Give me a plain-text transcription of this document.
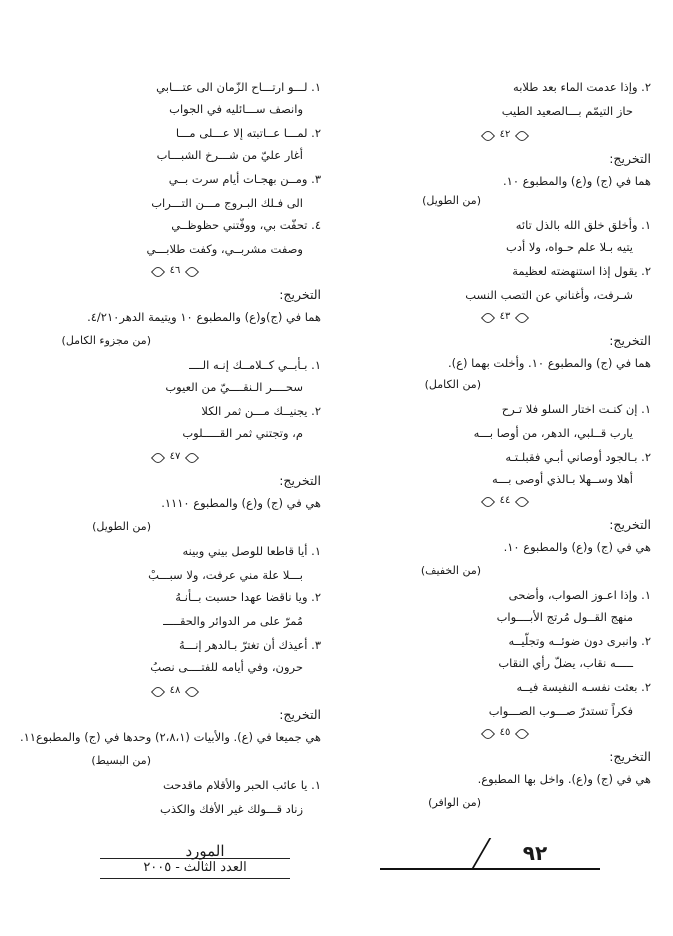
٢. وإذا عدمت الماء بعد طلابه
حاز التيمّم بـــالصعيد الطيب
٤٢
التخريج:
هما في (ج) و(ع) والمطبوع ١٠.
(من الطويل)
١. وأخلق خلق الله بالذل تائه
يتيه بـلا علم حـواه، ولا أدب
٢. يقول إذا استنهضته لعظيمة
شـرفت، وأغناني عن التصب النسب
٤٣
التخريج:
هما في (ج) والمطبوع ١٠. وأخلت بهما (ع).
(من الكامل)
١. إن كنـت اختار السلو فلا تـرح
يارب قــلبي، الدهر، من أوصا بـــه
٢. بـالجود أوصاني أبـي فقبلـتـه
أهلا وســهلا بـالذي أوصى بـــه
٤٤
التخريج:
هي في (ج) و(ع) والمطبوع ١٠.
(من الخفيف)
١. وإذا اعـوز الصواب، وأضحى
منهج القــول مُرتج الأبــــواب
٢. وانبرى دون ضوئــه وتجلّيــه
ـــــه نقاب، يضلّ رأي النقاب
٢. بعثت نفسـه النفيسة فيــه
فكراً تستدرّ صـــوب الصـــواب
٤٥
التخريج:
هي في (ج) و(ع). واخل بها المطبوع.
(من الوافر)
١. لـــو ارتـــاح الزّمان الى عتـــابي
وانصف ســـائليه في الجواب
٢. لمـــا عــاتبته إلا عـــلى مـــا
أغار عليّ من شـــرخ الشبـــاب
٣. ومــن بهجـات أيام سرت بــي
الى فـلك البـروج مـــن التـــراب
٤. تحفّت بي، ووفّتني حظوظــي
وصفت مشربــي، وكفت طلابـــي
٤٦
التخريج:
هما في (ج)و(ع) والمطبوع ١٠ ويتيمة الدهر٤/٢١٠.
(من مجزوء الكامل)
١. بـأبــي كــلامــك إنـه الــــ
سحــــر الـنقــــيّ من العيوب
٢. يجنيــك مـــن ثمر الكلا
م، وتجتني ثمر القـــــلوب
٤٧
التخريج:
هي في (ج) و(ع) والمطبوع ١١١٠.
(من الطويل)
١. أيا قاطعا للوصل بيني وبينه
بـــلا علة مني عرفت، ولا سبـــبْ
٢. ويا ناقضا عهدا حسبت بــأنـهُ
مُمرّ على مر الدوائر والحقـــــ
٣. أعيذك أن تغترّ بـالدهر إنـــهُ
حرون، وفي أيامه للفتــــى نصبُ
٤٨
التخريج:
هي جميعا في (ع). والأبيات (٢،٨،١) وحدها في (ج) والمطبوع١١.
(من البسيط)
١. يا عائب الحبر والأقلام ماقدحت
زناد قـــولك غير الأفك والكذب
المورد
العدد الثالث - ٢٠٠٥
٩٢
